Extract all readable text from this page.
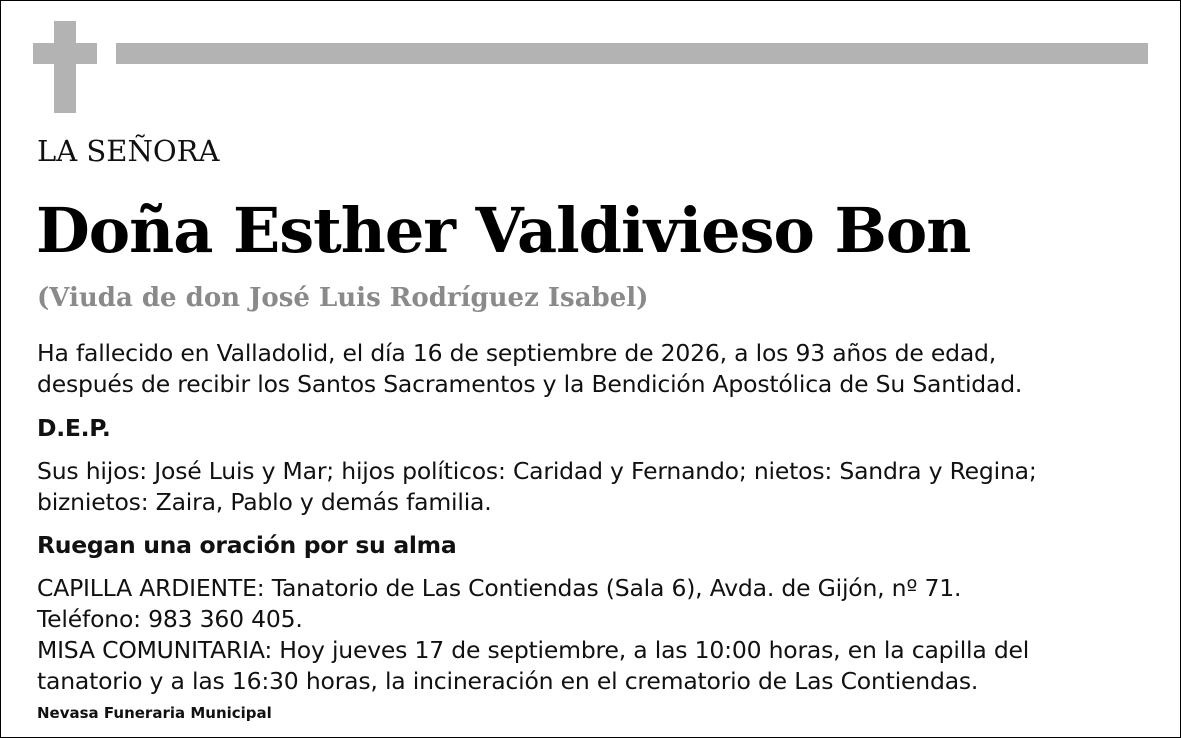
LA SEÑORA
Doña Esther Valdivieso Bon
(Viuda de don José Luis Rodríguez Isabel)
Ha fallecido en Valladolid, el día 16 de septiembre de 2026, a los 93 años de edad,
después de recibir los Santos Sacramentos y la Bendición Apostólica de Su Santidad.
D.E.P.
Sus hijos: José Luis y Mar; hijos políticos: Caridad y Fernando; nietos: Sandra y Regina;
biznietos: Zaira, Pablo y demás familia.
Ruegan una oración por su alma
CAPILLA ARDIENTE: Tanatorio de Las Contiendas (Sala 6), Avda. de Gijón, nº 71.
Teléfono: 983 360 405.
MISA COMUNITARIA: Hoy jueves 17 de septiembre, a las 10:00 horas, en la capilla del
tanatorio y a las 16:30 horas, la incineración en el crematorio de Las Contiendas.
Nevasa Funeraria Municipal
